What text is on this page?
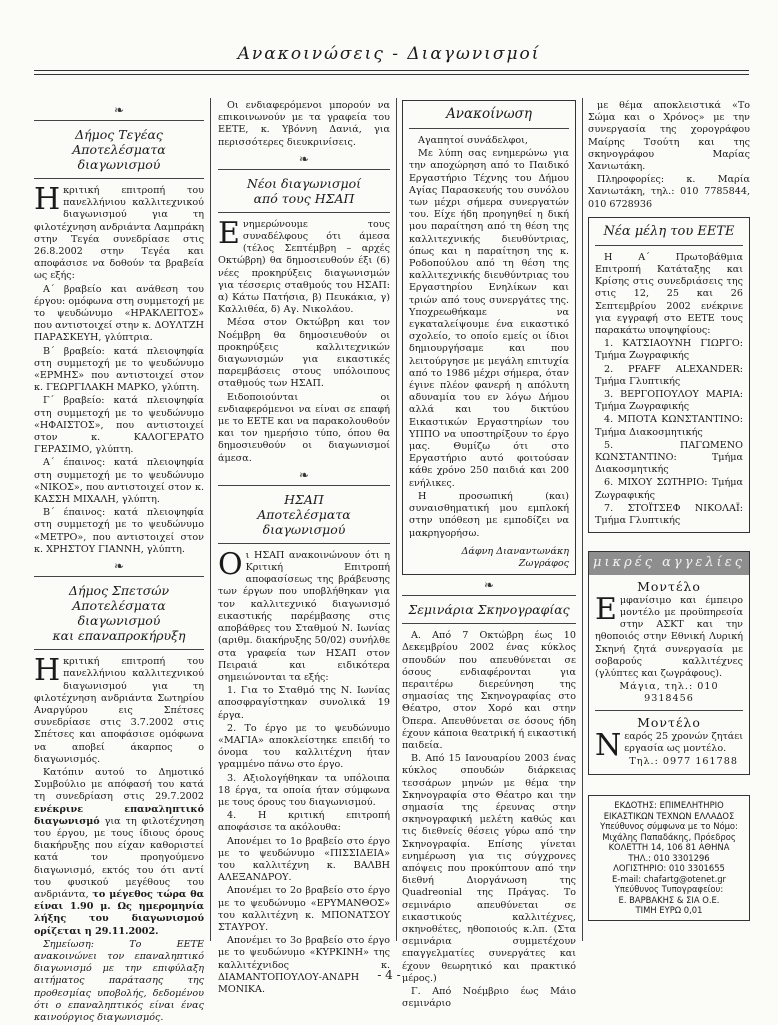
Ανακοινώσεις - Διαγωνισμοί
❧
Δήμος Τεγέας
Αποτελέσματα διαγωνισμού

Ηκριτική επιτροπή του πανελλήνιου καλλιτεχνικού διαγωνισμού για τη φιλοτέχνηση ανδριάντα Λαμπράκη στην Τεγέα συνεδρίασε στις 26.8.2002 στην Τεγέα και αποφάσισε να δοθούν τα βραβεία ως εξής:

Α΄ βραβείο και ανάθεση του έργου: ομόφωνα στη συμμετοχή με το ψευδώνυμο «ΗΡΑΚΛΕΙΤΟΣ» που αντιστοιχεί στην κ. ΔΟΥΛΤΖΗ ΠΑΡΑΣΚΕΥΗ, γλύπτρια.

Β΄ βραβείο: κατά πλειοψηφία στη συμμετοχή με το ψευδώνυμο «ΕΡΜΗΣ» που αντιστοιχεί στον κ. ΓΕΩΡΓΙΛΑΚΗ ΜΑΡΚΟ, γλύπτη.

Γ΄ βραβείο: κατά πλειοψηφία στη συμμετοχή με το ψευδώνυμο «ΗΦΑΙΣΤΟΣ», που αντιστοιχεί στον κ. ΚΑΛΟΓΕΡΑΤΟ ΓΕΡΑΣΙΜΟ, γλύπτη.

Α΄ έπαινος: κατά πλειοψηφία στη συμμετοχή με το ψευδώνυμο «ΝΙΚΟΣ», που αντιστοιχεί στον κ. ΚΑΣΣΗ ΜΙΧΑΛΗ, γλύπτη.

Β΄ έπαινος: κατά πλειοψηφία στη συμμετοχή με το ψευδώνυμο «ΜΕΤΡΟ», που αντιστοιχεί στον κ. ΧΡΗΣΤΟΥ ΓΙΑΝΝΗ, γλύπτη.

❧
Δήμος Σπετσών
Αποτελέσματα διαγωνισμού
και επαναπροκήρυξη

Ηκριτική επιτροπή του πανελλήνιου καλλιτεχνικού διαγωνισμού για τη φιλοτέχνηση ανδριάντα Σωτηρίου Αναργύρου εις Σπέτσες συνεδρίασε στις 3.7.2002 στις Σπέτσες και αποφάσισε ομόφωνα να αποβεί άκαρπος ο διαγωνισμός.

Κατόπιν αυτού το Δημοτικό Συμβούλιο με απόφασή του κατά τη συνεδρίαση στις 29.7.2002 ενέκρινε επαναληπτικό διαγωνισμό για τη φιλοτέχνηση του έργου, με τους ίδιους όρους διακήρυξης που είχαν καθοριστεί κατά τον προηγούμενο διαγωνισμό, εκτός του ότι αντί του φυσικού μεγέθους του ανδριάντα, το μέγεθος τώρα θα είναι 1.90 μ. Ως ημερομηνία λήξης του διαγωνισμού ορίζεται η 29.11.2002.

Σημείωση: Το ΕΕΤΕ ανακοινώνει τον επαναληπτικό διαγωνισμό με την επιφύλαξη αιτήματος παράτασης της προθεσμίας υποβολής, δεδομένου ότι ο επαναληπτικός είναι ένας καινούργιος διαγωνισμός.

Οι ενδιαφερόμενοι μπορούν να επικοινωνούν με τα γραφεία του ΕΕΤΕ, κ. Υβόννη Δανιά, για περισσότερες διευκρινίσεις.

❧
Νέοι διαγωνισμοί
από τους ΗΣΑΠ

Ενημερώνουμε τους συναδέλφους ότι άμεσα (τέλος Σεπτέμβρη – αρχές Οκτώβρη) θα δημοσιευθούν έξι (6) νέες προκηρύξεις διαγωνισμών για τέσσερις σταθμούς του ΗΣΑΠ: α) Κάτω Πατήσια, β) Πευκάκια, γ) Καλλιθέα, δ) Αγ. Νικολάου.

Μέσα στον Οκτώβρη και τον Νοέμβρη θα δημοσιευθούν οι προκηρύξεις καλλιτεχνικών διαγωνισμών για εικαστικές παρεμβάσεις στους υπόλοιπους σταθμούς των ΗΣΑΠ.

Ειδοποιούνται οι ενδιαφερόμενοι να είναι σε επαφή με το ΕΕΤΕ και να παρακολουθούν και τον ημερήσιο τύπο, όπου θα δημοσιευθούν οι διαγωνισμοί άμεσα.

❧
ΗΣΑΠ
Αποτελέσματα διαγωνισμού

Οι ΗΣΑΠ ανακοινώνουν ότι η Κριτική Επιτροπή αποφασίσεως της βράβευσης των έργων που υποβλήθηκαν για τον καλλιτεχνικό διαγωνισμό εικαστικής παρέμβασης στις αποβάθρες του Σταθμού Ν. Ιωνίας (αριθμ. διακήρυξης 50/02) συνήλθε στα γραφεία των ΗΣΑΠ στον Πειραιά και ειδικότερα σημειώνονται τα εξής:

1. Για το Σταθμό της Ν. Ιωνίας αποσφραγίστηκαν συνολικά 19 έργα.

2. Το έργο με το ψευδώνυμο «ΜΑΓΙΑ» αποκλείστηκε επειδή το όνομα του καλλιτέχνη ήταν γραμμένο πάνω στο έργο.

3. Αξιολογήθηκαν τα υπόλοιπα 18 έργα, τα οποία ήταν σύμφωνα με τους όρους του διαγωνισμού.

4. Η κριτική επιτροπή αποφάσισε τα ακόλουθα:

Απονέμει το 1ο βραβείο στο έργο με το ψευδώνυμο «ΠΙΣΣΙΔΕΙΑ» του καλλιτέχνη κ. ΒΑΛΒΗ ΑΛΕΞΑΝΔΡΟΥ.

Απονέμει το 2ο βραβείο στο έργο με το ψευδώνυμο «ΕΡΥΜΑΝΘΟΣ» του καλλιτέχνη κ. ΜΠΟΝΑΤΣΟΥ ΣΤΑΥΡΟΥ.

Απονέμει το 3ο βραβείο στο έργο με το ψευδώνυμο «ΚΥΡΚΙΝΗ» της καλλιτέχνιδος κ. ΔΙΑΜΑΝΤΟΠΟΥΛΟΥ-ΑΝΔΡΗ ΜΟΝΙΚΑ.

Ανακοίνωση

Αγαπητοί συνάδελφοι,

Με λύπη σας ενημερώνω για την αποχώρηση από το Παιδικό Εργαστήριο Τέχνης του Δήμου Αγίας Παρασκευής του συνόλου των μέχρι σήμερα συνεργατών του. Είχε ήδη προηγηθεί η δική μου παραίτηση από τη θέση της καλλιτεχνικής διευθύντριας, όπως και η παραίτηση της κ. Ροδοπούλου από τη θέση της καλλιτεχνικής διευθύντριας του Εργαστηρίου Ενηλίκων και τριών από τους συνεργάτες της. Υποχρεωθήκαμε να εγκαταλείψουμε ένα εικαστικό σχολείο, το οποίο εμείς οι ίδιοι δημιουργήσαμε και που λειτούργησε με μεγάλη επιτυχία από το 1986 μέχρι σήμερα, όταν έγινε πλέον φανερή η απόλυτη αδυναμία του εν λόγω Δήμου αλλά και του δικτύου Εικαστικών Εργαστηρίων του ΥΠΠΟ να υποστηρίξουν το έργο μας. Θυμίζω ότι στο Εργαστήριο αυτό φοιτούσαν κάθε χρόνο 250 παιδιά και 200 ενήλικες.

Η προσωπική (και) συναισθηματική μου εμπλοκή στην υπόθεση με εμποδίζει να μακρηγορήσω.

Δάφνη Διαναντωνάκη
Ζωγράφος
❧
Σεμινάρια Σκηνογραφίας

Α. Από 7 Οκτώβρη έως 10 Δεκεμβρίου 2002 ένας κύκλος σπουδών που απευθύνεται σε όσους ενδιαφέρονται για περαιτέρω διερεύνηση της σημασίας της Σκηνογραφίας στο Θέατρο, στον Χορό και στην Όπερα. Απευθύνεται σε όσους ήδη έχουν κάποια θεατρική ή εικαστική παιδεία.

Β. Από 15 Ιανουαρίου 2003 ένας κύκλος σπουδών διάρκειας τεσσάρων μηνών με θέμα την Σκηνογραφία στο Θέατρο και την σημασία της έρευνας στην σκηνογραφική μελέτη καθώς και τις διεθνείς θέσεις γύρω από την Σκηνογραφία. Επίσης γίνεται ενημέρωση για τις σύγχρονες απόψεις που προκύπτουν από την διεθνή Διοργάνωση της Quadreonial της Πράγας. Το σεμινάριο απευθύνεται σε εικαστικούς καλλιτέχνες, σκηνοθέτες, ηθοποιούς κ.λπ. (Στα σεμινάρια συμμετέχουν επαγγελματίες συνεργάτες και έχουν θεωρητικό και πρακτικό μέρος.)

Γ. Από Νοέμβριο έως Μάιο σεμινάριο

με θέμα αποκλειστικά «Το Σώμα και ο Χρόνος» με την συνεργασία της χορογράφου Μαίρης Τσούτη και της σκηνογράφου Μαρίας Χανιωτάκη.

Πληροφορίες: κ. Μαρία Χανιωτάκη, τηλ.: 010 7785844, 010 6728936

Νέα μέλη του ΕΕΤΕ

Η Α΄ Πρωτοβάθμια Επιτροπή Κατάταξης και Κρίσης στις συνεδριάσεις της στις 12, 25 και 26 Σεπτεμβρίου 2002 ενέκρινε για εγγραφή στο ΕΕΤΕ τους παρακάτω υποψηφίους:

1. ΚΑΤΣΙΑΟΥΝΗ ΓΙΩΡΓΟ: Τμήμα Ζωγραφικής

2. PFAFF ALEXANDER: Τμήμα Γλυπτικής

3. ΒΕΡΓΟΠΟΥΛΟΥ ΜΑΡΙΑ: Τμήμα Ζωγραφικής

4. ΜΠΟΤΑ ΚΩΝΣΤΑΝΤΙΝΟ: Τμήμα Διακοσμητικής

5. ΠΑΓΩΜΕΝΟ ΚΩΝΣΤΑΝΤΙΝΟ: Τμήμα Διακοσμητικής

6. ΜΙΧΟΥ ΣΩΤΗΡΙΟ: Τμήμα Ζωγραφικής

7. ΣΤΟΪΤΣΕΦ ΝΙΚΟΛΑΪ: Τμήμα Γλυπτικής

μικρές αγγελίες
Μοντέλο

Εμφανίσιμο και έμπειρο μοντέλο με προϋπηρεσία στην ΑΣΚΤ και την ηθοποιός στην Εθνική Λυρική Σκηνή ζητά συνεργασία με σοβαρούς καλλιτέχνες (γλύπτες και ζωγράφους).

Μάγια, τηλ.: 010 9318456
Μοντέλο

Νεαρός 25 χρονών ζητάει εργασία ως μοντέλο.

Τηλ.: 0977 161788
ΕΚΔΟΤΗΣ: ΕΠΙΜΕΛΗΤΗΡΙΟ
ΕΙΚΑΣΤΙΚΩΝ ΤΕΧΝΩΝ ΕΛΛΑΔΟΣ
Υπεύθυνος σύμφωνα με το Νόμο:
Μιχάλης Παπαδάκης, Πρόεδρος
ΚΟΛΕΤΤΗ 14, 106 81 ΑΘΗΝΑ
ΤΗΛ.: 010 3301296
ΛΟΓΙΣΤΗΡΙΟ: 010 3301655
E-mail: chafartg@otenet.gr
Υπεύθυνος Τυπογραφείου:
Ε. ΒΑΡΒΑΚΗΣ & ΣΙΑ Ο.Ε.
ΤΙΜΗ ΕΥΡΩ 0,01
- 4 -
